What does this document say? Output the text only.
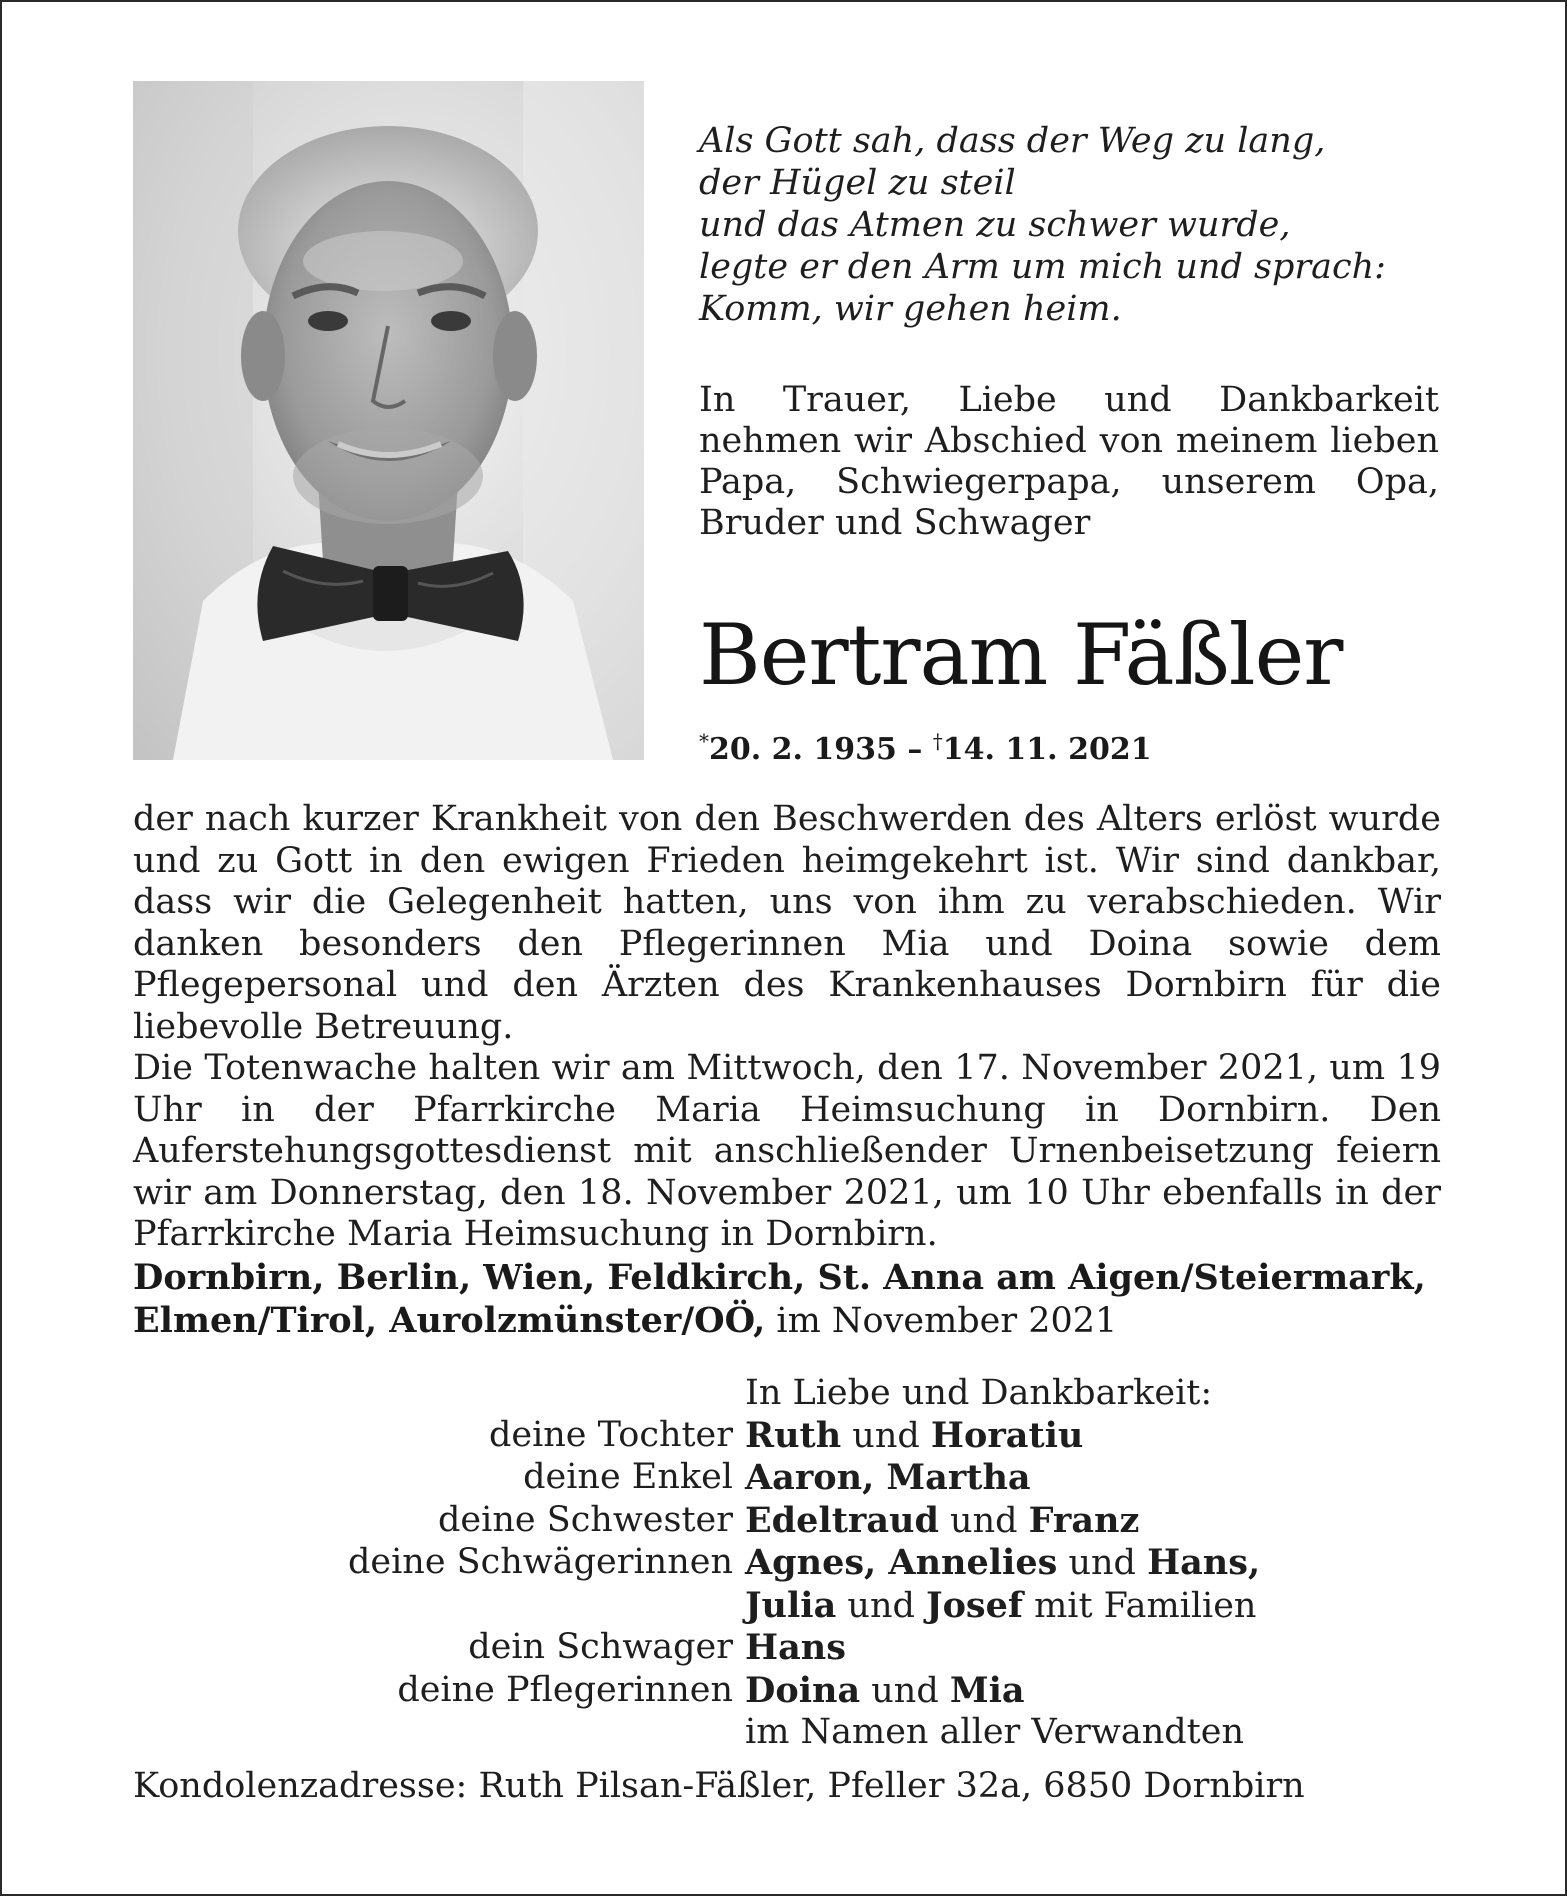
Als Gott sah, dass der Weg zu lang,
der Hügel zu steil
und das Atmen zu schwer wurde,
legte er den Arm um mich und sprach:
Komm, wir gehen heim.
In Trauer, Liebe und Dankbarkeit nehmen wir Abschied von meinem lieben Papa, Schwiegerpapa, unserem Opa, Bruder und Schwager
Bertram Fäßler
*20. 2. 1935 – †14. 11. 2021

der nach kurzer Krankheit von den Beschwerden des Alters erlöst wurde und zu Gott in den ewigen Frieden heimgekehrt ist. Wir sind dankbar, dass wir die Gelegenheit hatten, uns von ihm zu verabschieden. Wir danken besonders den Pflegerinnen Mia und Doina sowie dem Pflegepersonal und den Ärzten des Krankenhauses Dornbirn für die liebevolle Betreuung.

Die Totenwache halten wir am Mittwoch, den 17. November 2021, um 19 Uhr in der Pfarrkirche Maria Heimsuchung in Dornbirn. Den Auferstehungsgottesdienst mit anschließender Urnenbeisetzung feiern wir am Donnerstag, den 18. November 2021, um 10 Uhr ebenfalls in der Pfarrkirche Maria Heimsuchung in Dornbirn.

Dornbirn, Berlin, Wien, Feldkirch, St. Anna am Aigen/Steiermark, Elmen/Tirol, Aurolzmünster/OÖ, im November 2021
In Liebe und Dankbarkeit:
deine Tochter Ruth und Horatiu
deine Enkel Aaron, Martha
deine Schwester Edeltraud und Franz
deine Schwägerinnen Agnes, Annelies und Hans,
Julia und Josef mit Familien
dein Schwager Hans
deine Pflegerinnen Doina und Mia
im Namen aller Verwandten
Kondolenzadresse: Ruth Pilsan-Fäßler, Pfeller 32a, 6850 Dornbirn
